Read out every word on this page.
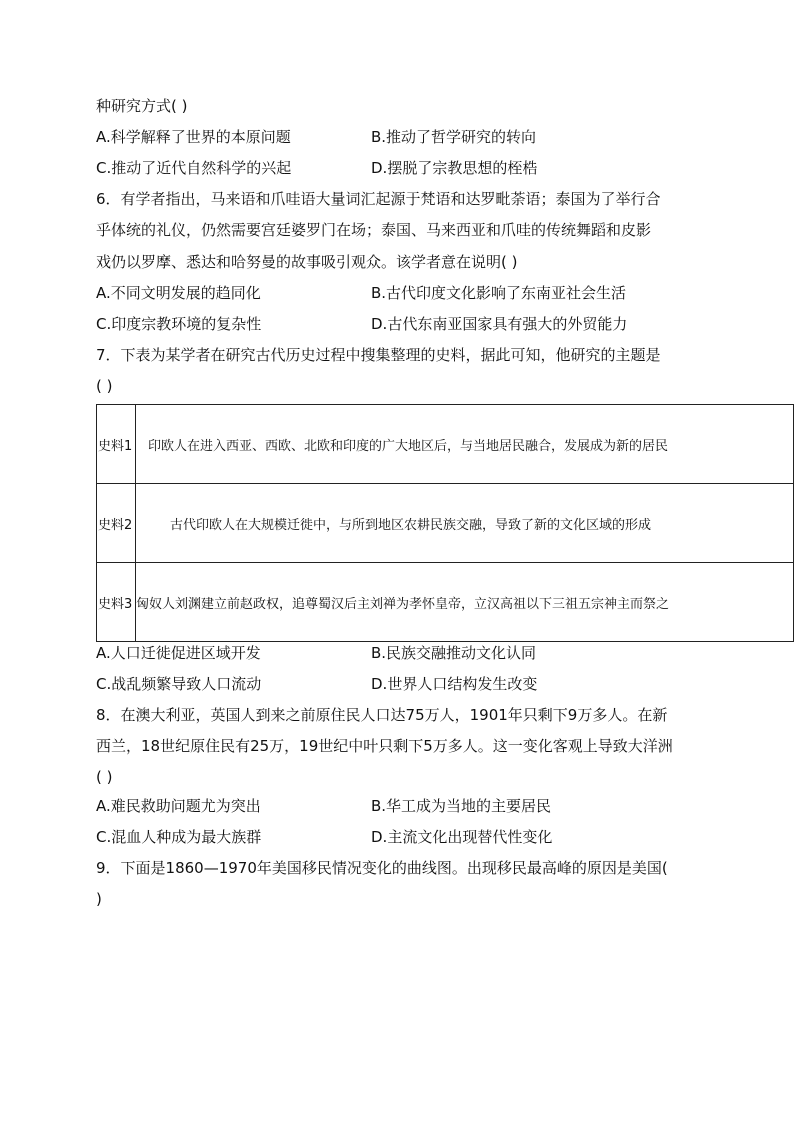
种研究方式( )
A.科学解释了世界的本原问题	B.推动了哲学研究的转向
C.推动了近代自然科学的兴起	D.摆脱了宗教思想的桎梏
6．有学者指出，马来语和爪哇语大量词汇起源于梵语和达罗毗荼语；泰国为了举行合
乎体统的礼仪，仍然需要宫廷婆罗门在场；泰国、马来西亚和爪哇的传统舞蹈和皮影
戏仍以罗摩、悉达和哈努曼的故事吸引观众。该学者意在说明( )
A.不同文明发展的趋同化	B.古代印度文化影响了东南亚社会生活
C.印度宗教环境的复杂性	D.古代东南亚国家具有强大的外贸能力
7．下表为某学者在研究古代历史过程中搜集整理的史料，据此可知，他研究的主题是
( )
史料1	印欧人在进入西亚、西欧、北欧和印度的广大地区后，与当地居民融合，发展成为新的居民
史料2	古代印欧人在大规模迁徙中，与所到地区农耕民族交融，导致了新的文化区域的形成
史料3	匈奴人刘渊建立前赵政权，追尊蜀汉后主刘禅为孝怀皇帝，立汉高祖以下三祖五宗神主而祭之
A.人口迁徙促进区域开发	B.民族交融推动文化认同
C.战乱频繁导致人口流动	D.世界人口结构发生改变
8．在澳大利亚，英国人到来之前原住民人口达75万人，1901年只剩下9万多人。在新
西兰，18世纪原住民有25万，19世纪中叶只剩下5万多人。这一变化客观上导致大洋洲
( )
A.难民救助问题尤为突出	B.华工成为当地的主要居民
C.混血人种成为最大族群	D.主流文化出现替代性变化
9．下面是1860—1970年美国移民情况变化的曲线图。出现移民最高峰的原因是美国(
)
